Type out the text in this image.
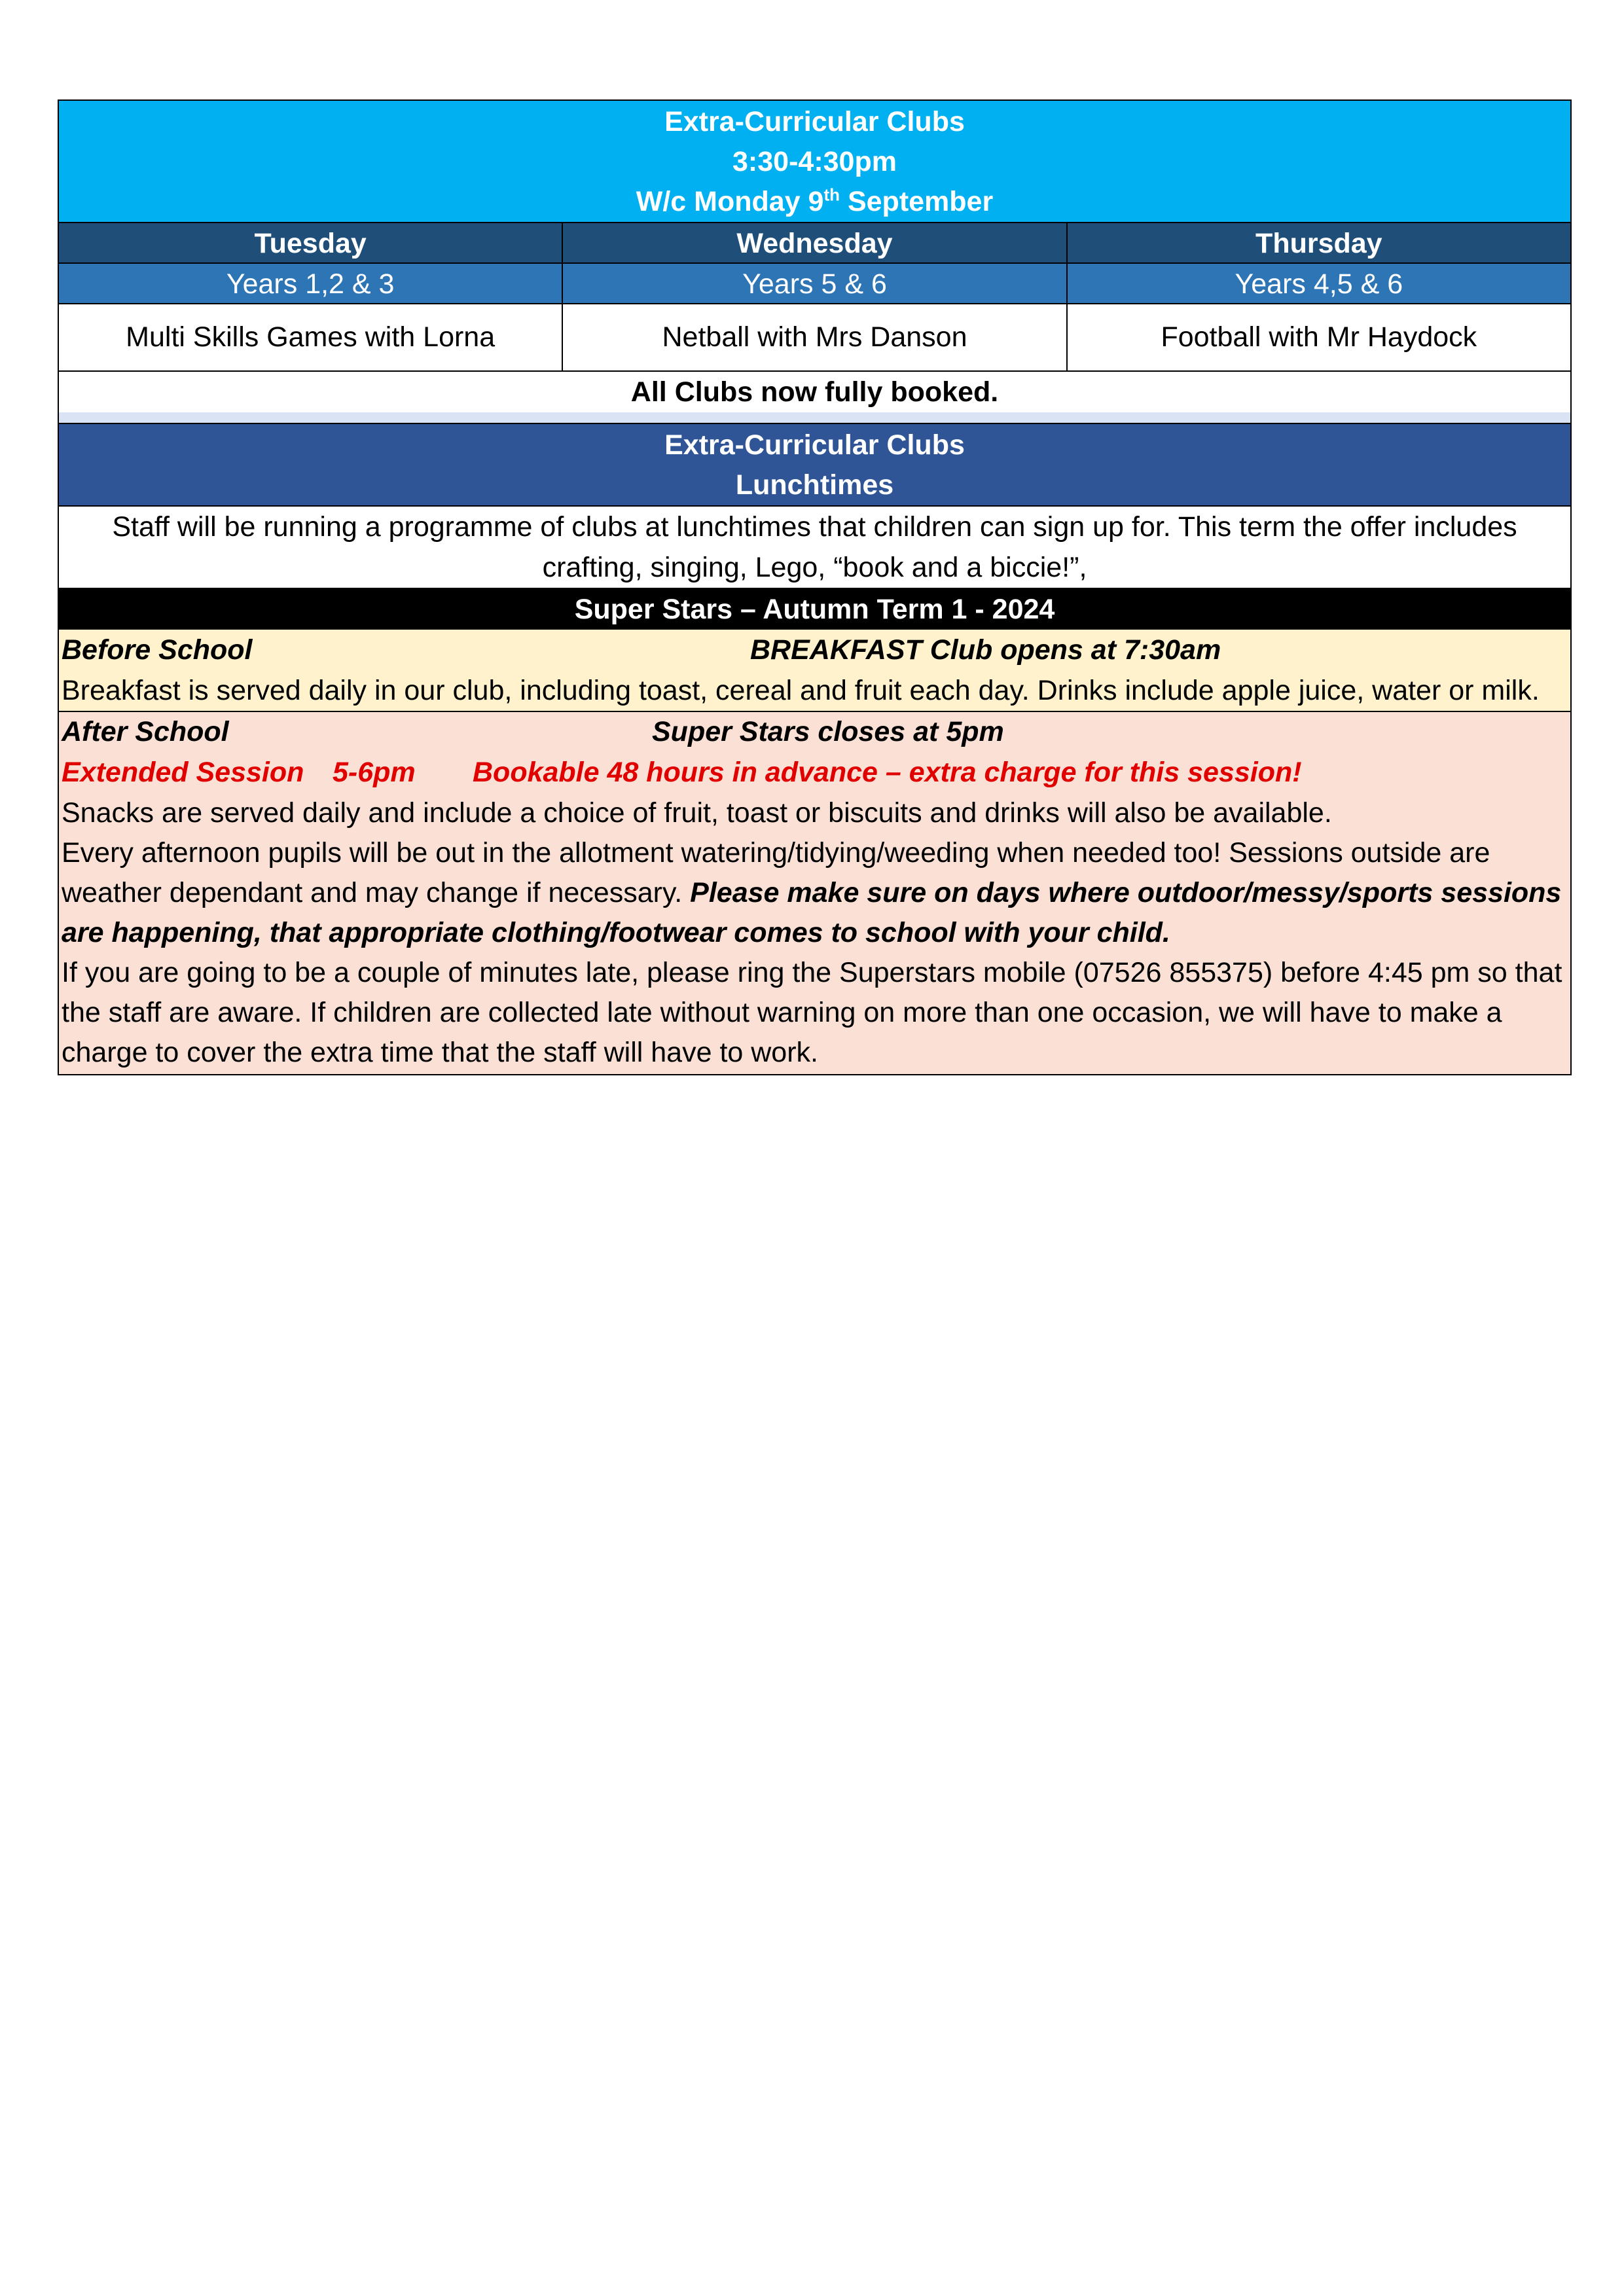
Extra-Curricular Clubs
3:30-4:30pm
W/c Monday 9th September
Tuesday	Wednesday	Thursday
Years 1,2 & 3	Years 5 & 6	Years 4,5 & 6
Multi Skills Games with Lorna	Netball with Mrs Danson	Football with Mr Haydock
All Clubs now fully booked.
Extra-Curricular Clubs
Lunchtimes
Staff will be running a programme of clubs at lunchtimes that children can sign up for. This term the offer includes crafting, singing, Lego, “book and a biccie!”,
Super Stars – Autumn Term 1 - 2024
Before School	BREAKFAST Club opens at 7:30am

Breakfast is served daily in our club, including toast, cereal and fruit each day. Drinks include apple juice, water or milk.

After School	Super Stars closes at 5pm
Extended Session 5-6pm Bookable 48 hours in advance – extra charge for this session!

Snacks are served daily and include a choice of fruit, toast or biscuits and drinks will also be available.

Every afternoon pupils will be out in the allotment watering/tidying/weeding when needed too! Sessions outside are weather dependant and may change if necessary. Please make sure on days where outdoor/messy/sports sessions are happening, that appropriate clothing/footwear comes to school with your child.

If you are going to be a couple of minutes late, please ring the Superstars mobile (07526 855375) before 4:45 pm so that the staff are aware. If children are collected late without warning on more than one occasion, we will have to make a charge to cover the extra time that the staff will have to work.
